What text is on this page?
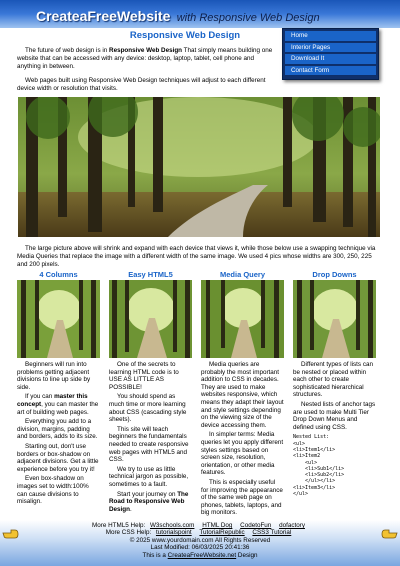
CreateaFreeWebsite with Responsive Web Design
Home
Interior Pages
Download It
Contact Form
Responsive Web Design
The future of web design is in Responsive Web Design That simply means building one website that can be accessed with any device: desktop, laptop, tablet, cell phone and anything in between.
Web pages built using Responsive Web Design techniques will adjust to each different device width or resolution that visits.
The large picture above will shrink and expand with each device that views it, while those below use a swapping technique via Media Queries that replace the image with a different width of the same image. We used 4 pics whose widths are 300, 250, 225 and 200 pixels.
4 Columns

Beginners will run into problems getting adjacent divisions to line up side by side.

If you can master this concept, you can master the art of building web pages.

Everything you add to a division, margins, padding and borders, adds to its size.

Starting out, don't use borders or box-shadow on adjacent divisions. Get a little experience before you try it!

Even box-shadow on images set to width:100% can cause divisions to misalign.

Easy HTML5

One of the secrets to learning HTML code is to USE AS LITTLE AS POSSIBLE!

You should spend as much time or more learning about CSS (cascading style sheets).

This site will teach beginners the fundamentals needed to create responsive web pages with HTML5 and CSS.

We try to use as little technical jargon as possible, sometimes to a fault.

Start your journey on The Road to Responsive Web Design.

Media Query

Media queries are probably the most important addition to CSS in decades. They are used to make websites responsive, which means they adapt their layout and style settings depending on the viewing size of the device accessing them.

In simpler terms: Media queries let you apply different styles settings based on screen size, resolution, orientation, or other media features.

This is especially useful for improving the appearance of the same web page on phones, tablets, laptops, and big monitors.

Drop Downs

Different types of lists can be nested or placed within each other to create sophisticated hierarchical structures.

Nested lists of anchor tags are used to make Multi Tier Drop Down Menus and defined using CSS.

Nested List:
<ul>
<li>Item1</li>
<li>Item2
<ul>
<li>Sub1</li>
<li>Sub2</li>
</ul></li>
<li>Item3</li>
</ul>
More HTML5 Help: W3schools.com HTML Dog CodetoFun dofactory
More CSS Help: tutorialspoint TutorialRepublic CSS3 Tutorial
© 2025 www.yourdomain.com All Rights Reserved
Last Modified: 06/03/2025 20:41:36
This is a CreateaFreeWebsite.net Design
